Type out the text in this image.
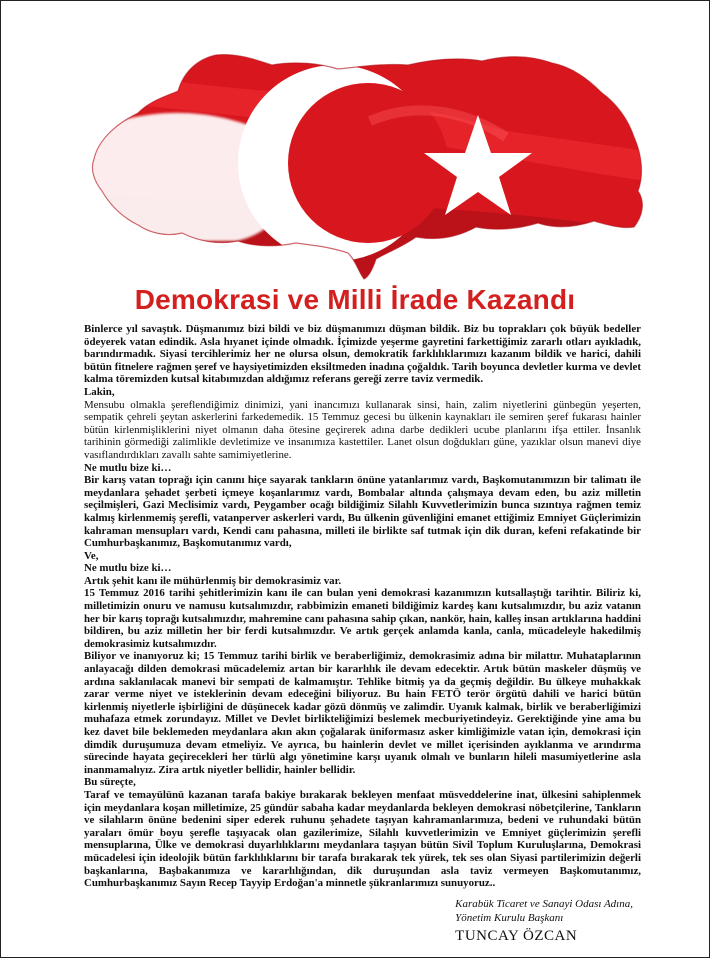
Demokrasi ve Milli İrade Kazandı

Binlerce yıl savaştık. Düşmanımız bizi bildi ve biz düşmanımızı düşman bildik. Biz bu toprakları çok büyük bedeller ödeyerek vatan edindik. Asla hıyanet içinde olmadık. İçimizde yeşerme gayretini farkettiğimiz zararlı otları ayıkladık, barındırmadık. Siyasi tercihlerimiz her ne olursa olsun, demokratik farklılıklarımızı kazanım bildik ve harici, dahili bütün fitnelere rağmen şeref ve haysiyetimizden eksiltmeden inadına çoğaldık. Tarih boyunca devletler kurma ve devlet kalma töremizden kutsal kitabımızdan aldığımız referans gereği zerre taviz vermedik.

Lakin,

Mensubu olmakla şereflendiğimiz dinimizi, yani inancımızı kullanarak sinsi, hain, zalim niyetlerini günbegün yeşerten, sempatik çehreli şeytan askerlerini farkedemedik. 15 Temmuz gecesi bu ülkenin kaynakları ile semiren şeref fukarası hainler bütün kirlenmişliklerini niyet olmanın daha ötesine geçirerek adına darbe dedikleri ucube planlarını ifşa ettiler. İnsanlık tarihinin görmediği zalimlikle devletimize ve insanımıza kastettiler. Lanet olsun doğdukları güne, yazıklar olsun manevi diye vasıflandırdıkları zavallı sahte samimiyetlerine.

Ne mutlu bize ki…

Bir karış vatan toprağı için canını hiçe sayarak tankların önüne yatanlarımız vardı, Başkomutanımızın bir talimatı ile meydanlara şehadet şerbeti içmeye koşanlarımız vardı, Bombalar altında çalışmaya devam eden, bu aziz milletin seçilmişleri, Gazi Meclisimiz vardı, Peygamber ocağı bildiğimiz Silahlı Kuvvetlerimizin bunca sızıntıya rağmen temiz kalmış kirlenmemiş şerefli, vatanperver askerleri vardı, Bu ülkenin güvenliğini emanet ettiğimiz Emniyet Güçlerimizin kahraman mensupları vardı, Kendi canı pahasına, milleti ile birlikte saf tutmak için dik duran, kefeni refakatinde bir Cumhurbaşkanımız, Başkomutanımız vardı,

Ve,

Ne mutlu bize ki…

Artık şehit kanı ile mühürlenmiş bir demokrasimiz var.

15 Temmuz 2016 tarihi şehitlerimizin kanı ile can bulan yeni demokrasi kazanımızın kutsallaştığı tarihtir. Biliriz ki, milletimizin onuru ve namusu kutsalımızdır, rabbimizin emaneti bildiğimiz kardeş kanı kutsalımızdır, bu aziz vatanın her bir karış toprağı kutsalımızdır, mahremine canı pahasına sahip çıkan, nankör, hain, kalleş insan artıklarına haddini bildiren, bu aziz milletin her bir ferdi kutsalımızdır. Ve artık gerçek anlamda kanla, canla, mücadeleyle hakedilmiş demokrasimiz kutsalımızdır.

Biliyor ve inanıyoruz ki; 15 Temmuz tarihi birlik ve beraberliğimiz, demokrasimiz adına bir milattır. Muhataplarının anlayacağı dilden demokrasi mücadelemiz artan bir kararlılık ile devam edecektir. Artık bütün maskeler düşmüş ve ardına saklanılacak manevi bir sempati de kalmamıştır. Tehlike bitmiş ya da geçmiş değildir. Bu ülkeye muhakkak zarar verme niyet ve isteklerinin devam edeceğini biliyoruz. Bu hain FETÖ terör örgütü dahili ve harici bütün kirlenmiş niyetlerle işbirliğini de düşünecek kadar gözü dönmüş ve zalimdir. Uyanık kalmak, birlik ve beraberliğimizi muhafaza etmek zorundayız. Millet ve Devlet birlikteliğimizi beslemek mecburiyetindeyiz. Gerektiğinde yine ama bu kez davet bile beklemeden meydanlara akın akın çoğalarak üniformasız asker kimliğimizle vatan için, demokrasi için dimdik duruşumuza devam etmeliyiz. Ve ayrıca, bu hainlerin devlet ve millet içerisinden ayıklanma ve arındırma sürecinde hayata geçirecekleri her türlü algı yönetimine karşı uyanık olmalı ve bunların hileli masumiyetlerine asla inanmamalıyız. Zira artık niyetler bellidir, hainler bellidir.

Bu süreçte,

Taraf ve temayülünü kazanan tarafa bakiye bırakarak bekleyen menfaat müsveddelerine inat, ülkesini sahiplenmek için meydanlara koşan milletimize, 25 gündür sabaha kadar meydanlarda bekleyen demokrasi nöbetçilerine, Tankların ve silahların önüne bedenini siper ederek ruhunu şehadete taşıyan kahramanlarımıza, bedeni ve ruhundaki bütün yaraları ömür boyu şerefle taşıyacak olan gazilerimize, Silahlı kuvvetlerimizin ve Emniyet güçlerimizin şerefli mensuplarına, Ülke ve demokrasi duyarlılıklarını meydanlara taşıyan bütün Sivil Toplum Kuruluşlarına, Demokrasi mücadelesi için ideolojik bütün farklılıklarını bir tarafa bırakarak tek yürek, tek ses olan Siyasi partilerimizin değerli başkanlarına, Başbakanımıza ve kararlılığından, dik duruşundan asla taviz vermeyen Başkomutanımız, Cumhurbaşkanımız Sayın Recep Tayyip Erdoğan'a minnetle şükranlarımızı sunuyoruz..

Karabük Ticaret ve Sanayi Odası Adına,
Yönetim Kurulu Başkanı
TUNCAY ÖZCAN
